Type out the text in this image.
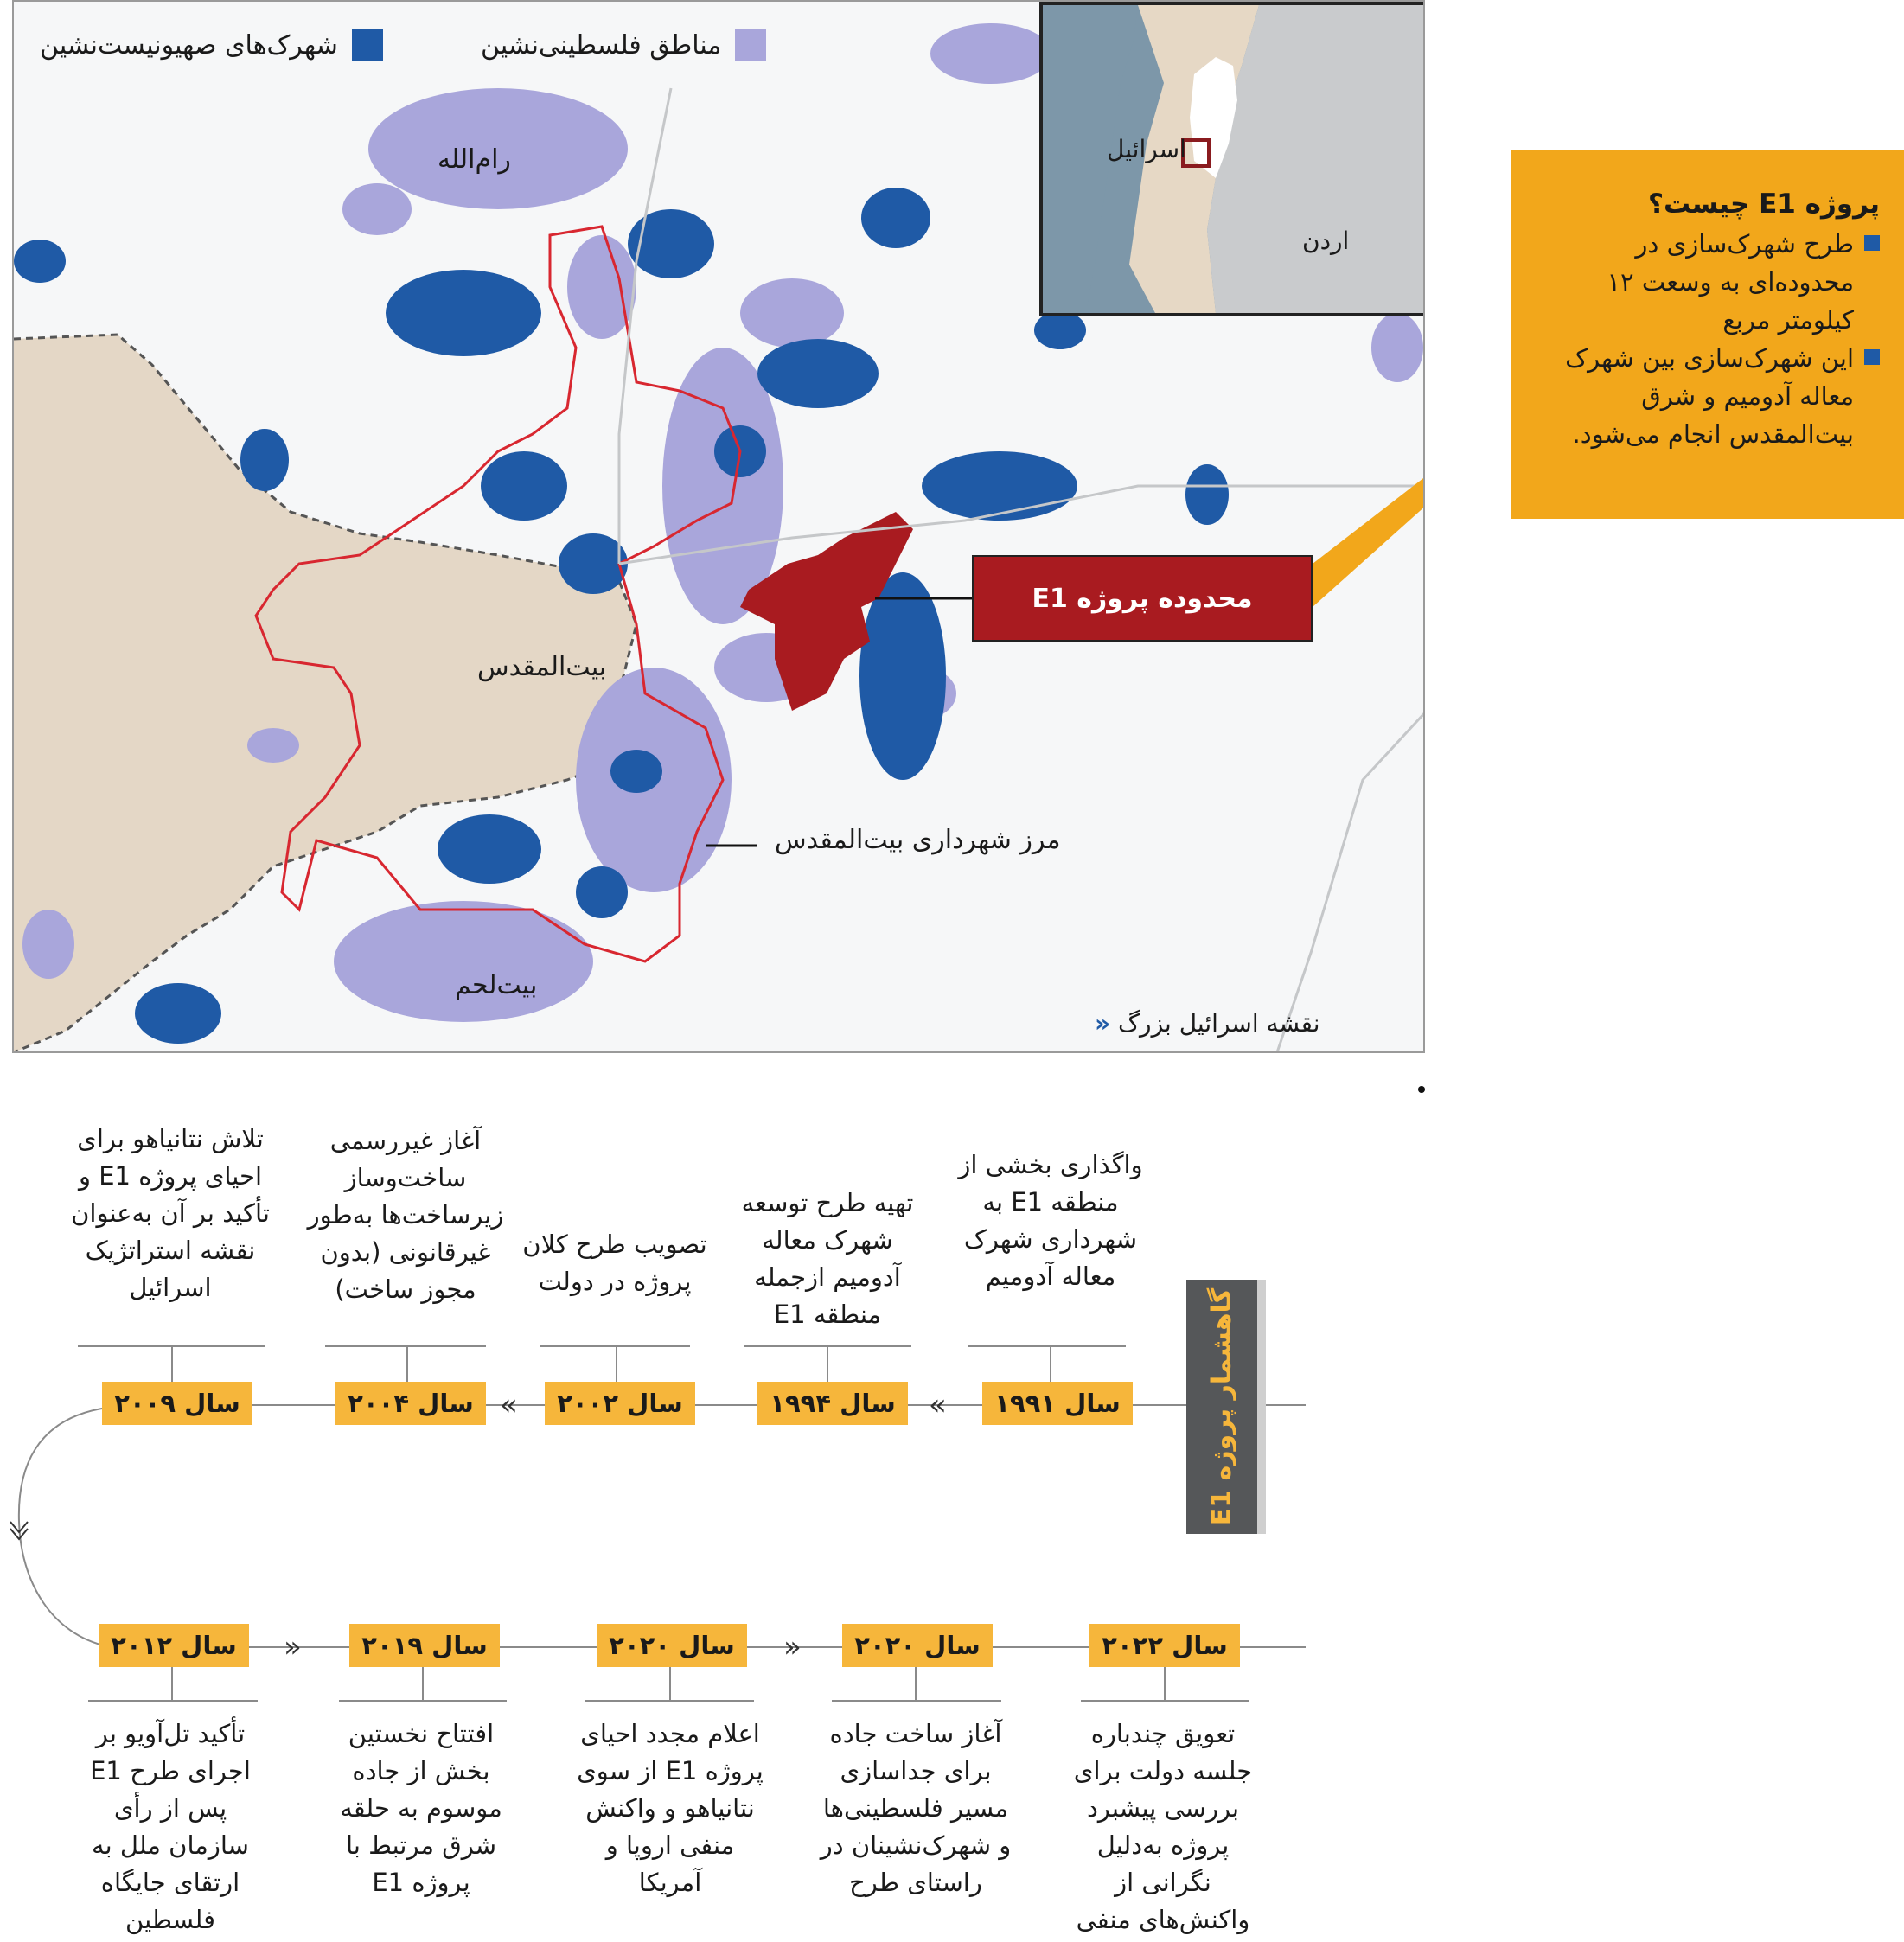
مناطق فلسطینی‌نشین
شهرک‌های صهیونیست‌نشین
رام‌الله
بیت‌المقدس
بیت‌لحم
مرز شهرداری بیت‌المقدس
نقشه اسرائیل بزرگ «
محدوده پروژه E1
اسرائیل
اردن
پروژه E1 چیست؟
طرح شهرک‌سازی در محدوده‌ای به وسعت ۱۲ کیلومتر مربع
این شهرک‌سازی بین شهرک معاله آدومیم و شرق بیت‌المقدس انجام می‌شود.
گاهشمار پروژه E1
«
«
»
»
واگذاری بخشی از منطقه E1 به شهرداری شهرک معاله آدومیم
سال ۱۹۹۱
تهیه طرح توسعه شهرک معاله آدومیم ازجمله منطقه E1
سال ۱۹۹۴
تصویب طرح کلان پروژه در دولت
سال ۲۰۰۲
آغاز غیررسمی ساخت‌وساز زیرساخت‌ها به‌طور غیرقانونی (بدون مجوز ساخت)
سال ۲۰۰۴
تلاش نتانیاهو برای احیای پروژه E1 و تأکید بر آن به‌عنوان نقشه استراتژیک اسرائیل
سال ۲۰۰۹
سال ۲۰۱۲
تأکید تل‌آویو بر اجرای طرح E1 پس از رأی سازمان ملل به ارتقای جایگاه فلسطین
سال ۲۰۱۹
افتتاح نخستین بخش از جاده موسوم به حلقه شرق مرتبط با پروژه E1
سال ۲۰۲۰
اعلام مجدد احیای پروژه E1 از سوی نتانیاهو و واکنش منفی اروپا و آمریکا
سال ۲۰۲۰
آغاز ساخت جاده برای جداسازی مسیر فلسطینی‌ها و شهرک‌نشینان در راستای طرح
سال ۲۰۲۲
تعویق چندباره جلسه دولت برای بررسی پیشبرد پروژه به‌دلیل نگرانی از واکنش‌های منفی
